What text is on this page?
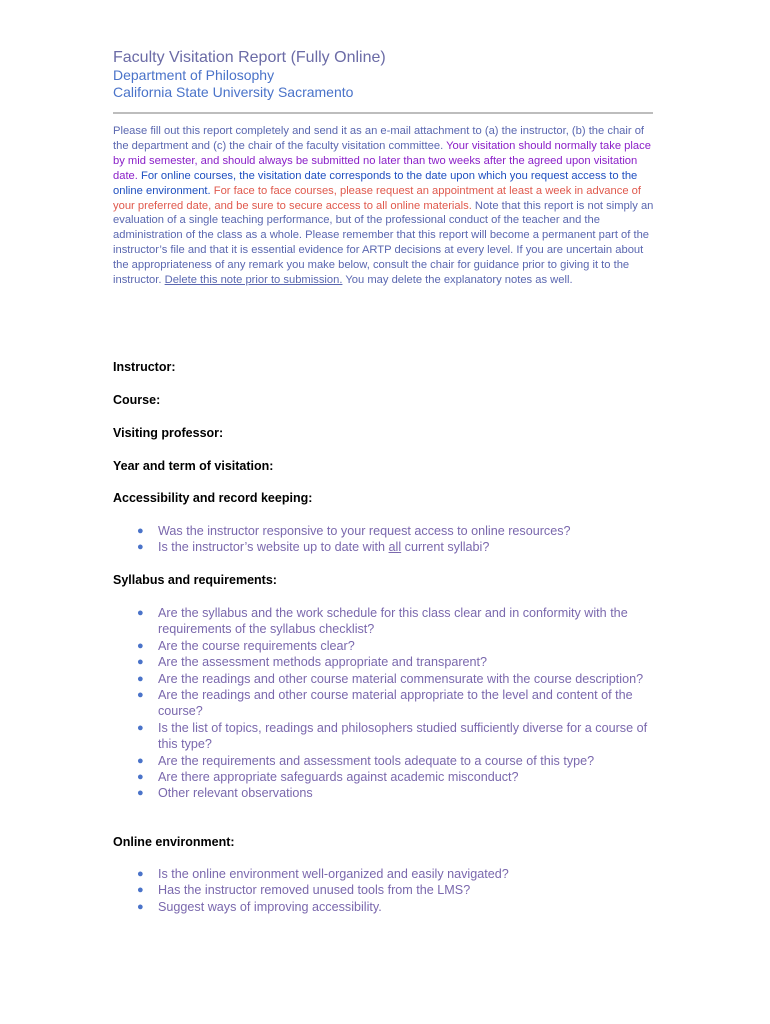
Faculty Visitation Report (Fully Online)
Department of Philosophy
California State University Sacramento
Please fill out this report completely and send it as an e-mail attachment to (a) the instructor, (b) the chair of the department and (c) the chair of the faculty visitation committee. Your visitation should normally take place by mid semester, and should always be submitted no later than two weeks after the agreed upon visitation date. For online courses, the visitation date corresponds to the date upon which you request access to the online environment. For face to face courses, please request an appointment at least a week in advance of your preferred date, and be sure to secure access to all online materials. Note that this report is not simply an evaluation of a single teaching performance, but of the professional conduct of the teacher and the administration of the class as a whole. Please remember that this report will become a permanent part of the instructor’s file and that it is essential evidence for ARTP decisions at every level. If you are uncertain about the appropriateness of any remark you make below, consult the chair for guidance prior to giving it to the instructor. Delete this note prior to submission. You may delete the explanatory notes as well.
Instructor:
Course:
Visiting professor:
Year and term of visitation:
Accessibility and record keeping:
● Was the instructor responsive to your request access to online resources?
● Is the instructor’s website up to date with all current syllabi?
Syllabus and requirements:
● Are the syllabus and the work schedule for this class clear and in conformity with the requirements of the syllabus checklist?
● Are the course requirements clear?
● Are the assessment methods appropriate and transparent?
● Are the readings and other course material commensurate with the course description?
● Are the readings and other course material appropriate to the level and content of the course?
● Is the list of topics, readings and philosophers studied sufficiently diverse for a course of this type?
● Are the requirements and assessment tools adequate to a course of this type?
● Are there appropriate safeguards against academic misconduct?
● Other relevant observations
Online environment:
● Is the online environment well-organized and easily navigated?
● Has the instructor removed unused tools from the LMS?
● Suggest ways of improving accessibility.
